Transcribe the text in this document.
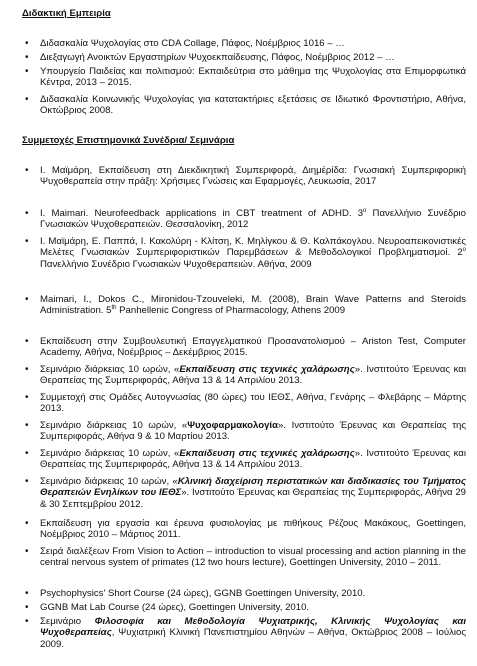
Διδακτική Εμπειρία
• Διδασκαλία Ψυχολογίας στο CDA Collage, Πάφος, Νοέμβριος 1016 – …
• Διεξαγωγή Ανοικτών Εργαστηρίων Ψυχοεκπαίδευσης, Πάφος, Νοέμβριος 2012 – …
• Υπουργείο Παιδείας και πολιτισμού: Εκπαιδεύτρια στο μάθημα της Ψυχολογίας στα Επιμορφωτικά Κέντρα, 2013 – 2015.
• Διδασκαλία Κοινωνικής Ψυχολογίας για κατατακτήριες εξετάσεις σε Ιδιωτικό Φροντιστήριο, Αθήνα, Οκτώβριος 2008.
Συμμετοχές Επιστημονικά Συνέδρια/ Σεμινάρια
• Ι. Μαϊμάρη, Εκπαίδευση στη Διεκδικητική Συμπεριφορά, Διημέρίδα: Γνωσιακή Συμπεριφορική Ψυχοθεραπεία στην πράξη: Χρήσιμες Γνώσεις και Εφαρμογές, Λευκωσία, 2017
• I. Maimari. Neurofeedback applications in CBT treatment of ADHD. $3^o$ Πανελλήνιο Συνέδριο Γνωσιακών Ψυχοθεραπειών. Θεσσαλονίκη, 2012
• Ι. Μαϊμάρη, Ε. Παππά, Ι. Κακολύρη - Κλίτση, Κ. Μηλίγκου & Θ. Καλπάκογλου. Νευροαπεικονιστικές Μελέτες Γνωσιακών Συμπεριφοριστικών Παρεμβάσεων & Μεθοδολογικοί Προβληματισμοί. $2^o$ Πανελλήνιο Συνέδριο Γνωσιακών Ψυχοθεραπειών. Αθήνα, 2009
• Maimari, I., Dokos C., Mironidou-Tzouveleki, M. (2008), Brain Wave Patterns and Steroids Administration. 5th Panhellenic Congress of Pharmacology, Athens 2009
• Εκπαίδευση στην Συμβουλευτική Επαγγελματικού Προσανατολισμού – Ariston Test, Computer Academy, Αθήνα, Νοέμβριος – Δεκέμβριος 2015.
• Σεμινάριο διάρκειας 10 ωρών, «Εκπαίδευση στις τεχνικές χαλάρωσης». Ινστιτούτο Έρευνας και Θεραπείας της Συμπεριφοράς, Αθήνα 13 & 14 Απριλίου 2013.
• Συμμετοχή στις Ομάδες Αυτογνωσίας (80 ώρες) του ΙΕΘΣ, Αθήνα, Γενάρης – Φλεβάρης – Μάρτης 2013.
• Σεμινάριο διάρκειας 10 ωρών, «Ψυχοφαρμακολογία». Ινστιτούτο Έρευνας και Θεραπείας της Συμπεριφοράς, Αθήνα 9 & 10 Μαρτίου 2013.
• Σεμινάριο διάρκειας 10 ωρών, «Εκπαίδευση στις τεχνικές χαλάρωσης». Ινστιτούτο Έρευνας και Θεραπείας της Συμπεριφοράς, Αθήνα 13 & 14 Απριλίου 2013.
• Σεμινάριο διάρκειας 10 ωρών, «Κλινική διαχείριση περιστατικών και διαδικασίες του Τμήματος Θεραπειών Ενηλίκων του ΙΕΘΣ». Ινστιτούτο Έρευνας και Θεραπείας της Συμπεριφοράς, Αθήνα 29 & 30 Σεπτεμβρίου 2012.
• Εκπαίδευση για εργασία και έρευνα φυσιολογίας με πιθήκους Ρέζους Μακάκους, Goettingen, Νοέμβριος 2010 – Μάρτιος 2011.
• Σειρά διαλέξεων From Vision to Action – introduction to visual processing and action planning in the central nervous system of primates (12 two hours lecture), Goettingen University, 2010 – 2011.
• Psychophysics' Short Course (24 ώρες), GGNB Goettingen University, 2010.
• GGNB Mat Lab Course (24 ώρες), Goettingen University, 2010.
• Σεμινάριο Φιλοσοφία και Μεθοδολογία Ψυχιατρικής, Κλινικής Ψυχολογίας και Ψυχοθεραπείας, Ψυχιατρική Κλινική Πανεπιστημίου Αθηνών – Αθήνα, Οκτώβριος 2008 – Ιούλιος 2009.
